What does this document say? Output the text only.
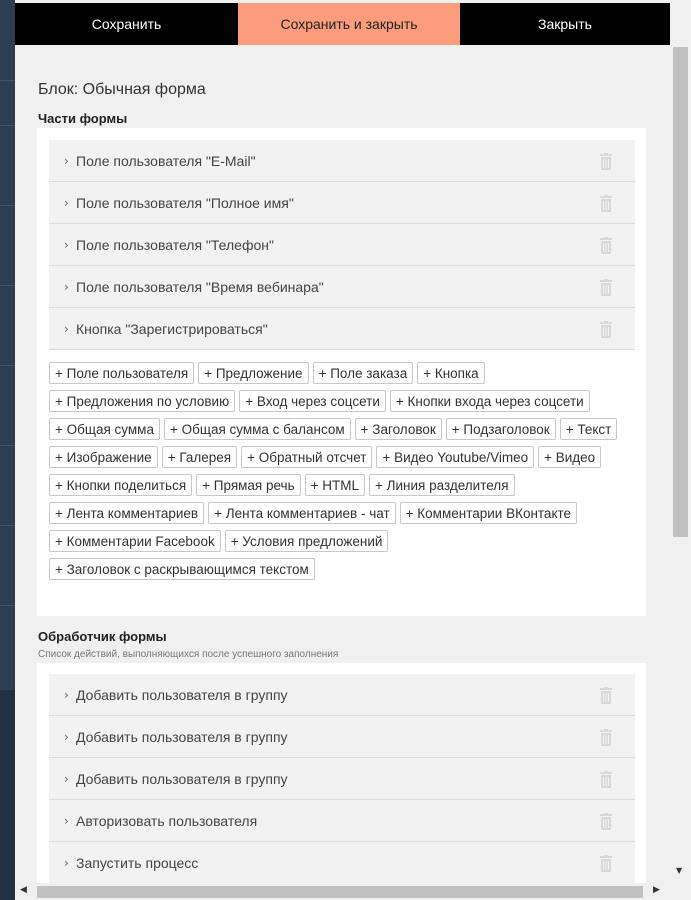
Сохранить	Сохранить и закрыть	Закрыть
Блок: Обычная форма
Части формы
› Поле пользователя "E-Mail"
› Поле пользователя "Полное имя"
› Поле пользователя "Телефон"
› Поле пользователя "Время вебинара"
› Кнопка "Зарегистрироваться"
+ Поле пользователя	+ Предложение	+ Поле заказа	+ Кнопка
+ Предложения по условию	+ Вход через соцсети	+ Кнопки входа через соцсети
+ Общая сумма	+ Общая сумма с балансом	+ Заголовок	+ Подзаголовок	+ Текст
+ Изображение	+ Галерея	+ Обратный отсчет	+ Видео Youtube/Vimeo	+ Видео
+ Кнопки поделиться	+ Прямая речь	+ HTML	+ Линия разделителя
+ Лента комментариев	+ Лента комментариев - чат	+ Комментарии ВКонтакте
+ Комментарии Facebook	+ Условия предложений
+ Заголовок с раскрывающимся текстом
Обработчик формы
Список действий, выполняющихся после успешного заполнения
› Добавить пользователя в группу
› Добавить пользователя в группу
› Добавить пользователя в группу
› Авторизовать пользователя
› Запустить процесс	▼
◀	▶
